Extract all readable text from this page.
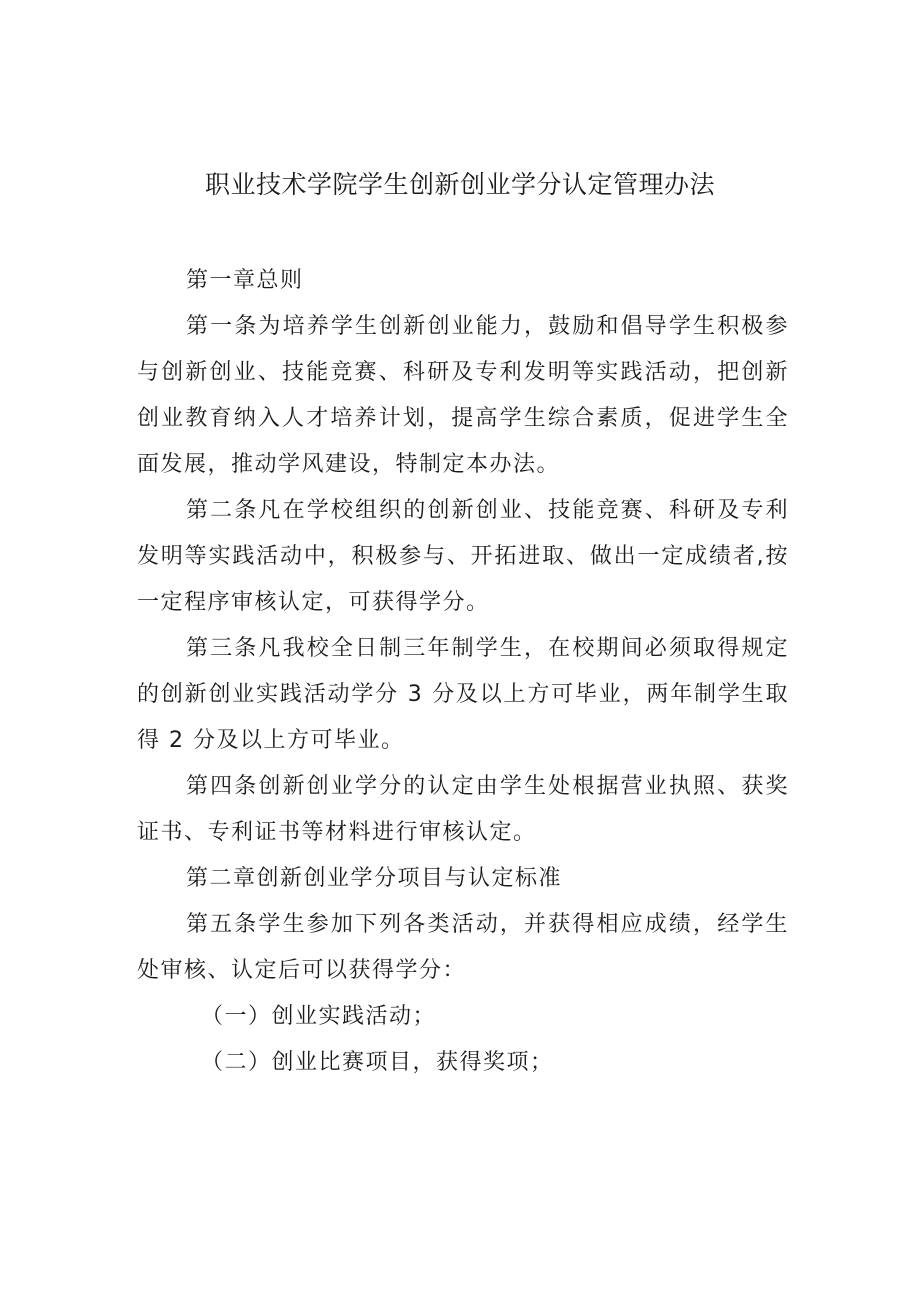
职业技术学院学生创新创业学分认定管理办法

第一章总则

第一条为培养学生创新创业能力，鼓励和倡导学生积极参与创新创业、技能竞赛、科研及专利发明等实践活动，把创新创业教育纳入人才培养计划，提高学生综合素质，促进学生全面发展，推动学风建设，特制定本办法。

第二条凡在学校组织的创新创业、技能竞赛、科研及专利发明等实践活动中，积极参与、开拓进取、做出一定成绩者,按一定程序审核认定，可获得学分。

第三条凡我校全日制三年制学生，在校期间必须取得规定的创新创业实践活动学分 3 分及以上方可毕业，两年制学生取得 2 分及以上方可毕业。

第四条创新创业学分的认定由学生处根据营业执照、获奖证书、专利证书等材料进行审核认定。

第二章创新创业学分项目与认定标准

第五条学生参加下列各类活动，并获得相应成绩，经学生处审核、认定后可以获得学分：

（一）创业实践活动；

（二）创业比赛项目，获得奖项；
